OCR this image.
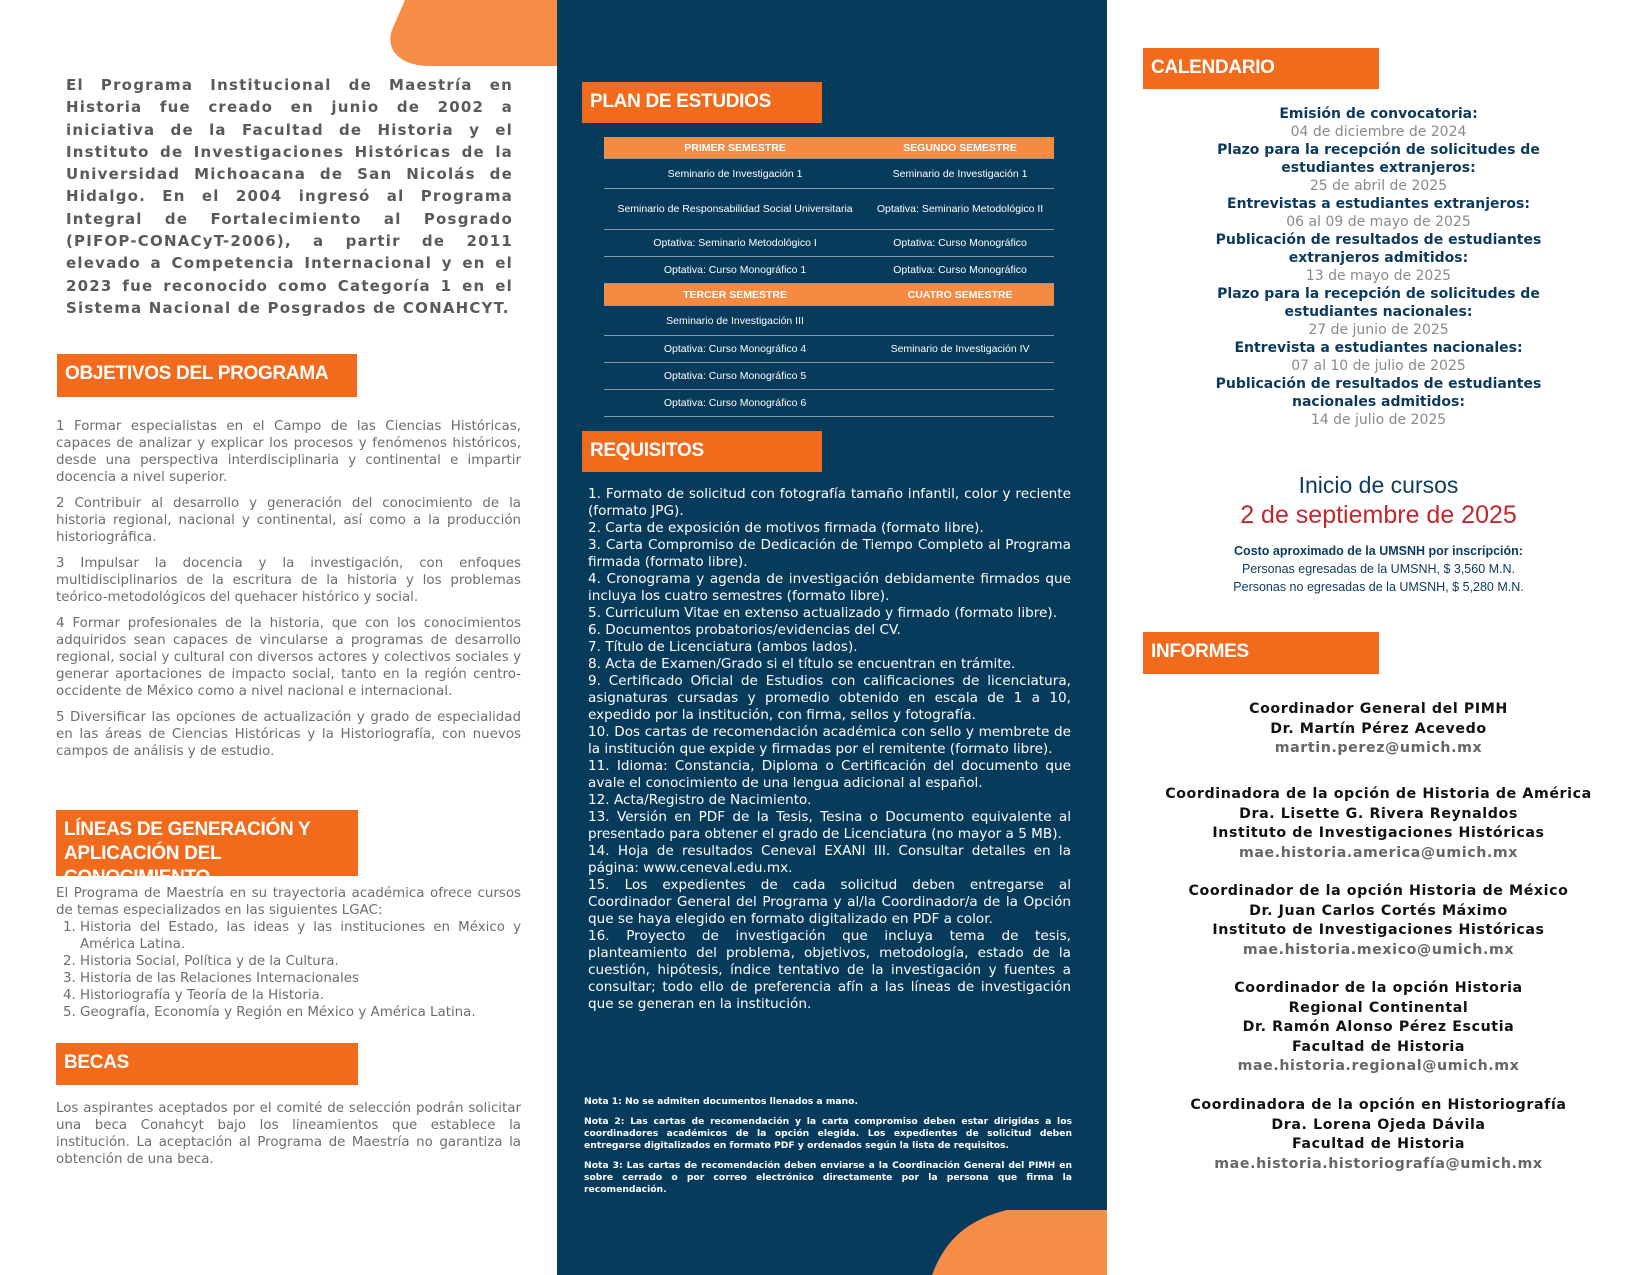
El Programa Institucional de Maestría en Historia fue creado en junio de 2002 a iniciativa de la Facultad de Historia y el Instituto de Investigaciones Históricas de la Universidad Michoacana de San Nicolás de Hidalgo. En el 2004 ingresó al Programa Integral de Fortalecimiento al Posgrado (PIFOP-CONACyT-2006), a partir de 2011 elevado a Competencia Internacional y en el 2023 fue reconocido como Categoría 1 en el Sistema Nacional de Posgrados de CONAHCYT.
OBJETIVOS DEL PROGRAMA

1 Formar especialistas en el Campo de las Ciencias Históricas, capaces de analizar y explicar los procesos y fenómenos históricos, desde una perspectiva interdisciplinaria y continental e impartir docencia a nivel superior.

2 Contribuir al desarrollo y generación del conocimiento de la historia regional, nacional y continental, así como a la producción historiográfica.

3 Impulsar la docencia y la investigación, con enfoques multidisciplinarios de la escritura de la historia y los problemas teórico-metodológicos del quehacer histórico y social.

4 Formar profesionales de la historia, que con los conocimientos adquiridos sean capaces de vincularse a programas de desarrollo regional, social y cultural con diversos actores y colectivos sociales y generar aportaciones de impacto social, tanto en la región centro-occidente de México como a nivel nacional e internacional.

5 Diversificar las opciones de actualización y grado de especialidad en las áreas de Ciencias Históricas y la Historiografía, con nuevos campos de análisis y de estudio.

LÍNEAS DE GENERACIÓN Y
APLICACIÓN DEL CONOCIMIENTO
El Programa de Maestría en su trayectoria académica ofrece cursos de temas especializados en las siguientes LGAC:
1. Historia del Estado, las ideas y las instituciones en México y América Latina.
2. Historia Social, Política y de la Cultura.
3. Historia de las Relaciones Internacionales
4. Historiografía y Teoría de la Historia.
5. Geografía, Economía y Región en México y América Latina.
BECAS
Los aspirantes aceptados por el comité de selección podrán solicitar una beca Conahcyt bajo los lineamientos que establece la institución. La aceptación al Programa de Maestría no garantiza la obtención de una beca.
PLAN DE ESTUDIOS
PRIMER SEMESTRE	SEGUNDO SEMESTRE
Seminario de Investigación 1	Seminario de Investigación 1
Seminario de Responsabilidad Social Universitaria	Optativa: Seminario Metodológico II
Optativa: Seminario Metodológico I	Optativa: Curso Monográfico
Optativa: Curso Monográfico 1	Optativa: Curso Monográfico
TERCER SEMESTRE	CUATRO SEMESTRE
Seminario de Investigación III	
Optativa: Curso Monográfico 4	Seminario de Investigación IV
Optativa: Curso Monográfico 5	
Optativa: Curso Monográfico 6	
REQUISITOS

1. Formato de solicitud con fotografía tamaño infantil, color y reciente (formato JPG).

2. Carta de exposición de motivos firmada (formato libre).

3. Carta Compromiso de Dedicación de Tiempo Completo al Programa firmada (formato libre).

4. Cronograma y agenda de investigación debidamente firmados que incluya los cuatro semestres (formato libre).

5. Curriculum Vitae en extenso actualizado y firmado (formato libre).

6. Documentos probatorios/evidencias del CV.

7. Título de Licenciatura (ambos lados).

8. Acta de Examen/Grado si el título se encuentran en trámite.

9. Certificado Oficial de Estudios con calificaciones de licenciatura, asignaturas cursadas y promedio obtenido en escala de 1 a 10, expedido por la institución, con firma, sellos y fotografía.

10. Dos cartas de recomendación académica con sello y membrete de la institución que expide y firmadas por el remitente (formato libre).

11. Idioma: Constancia, Diploma o Certificación del documento que avale el conocimiento de una lengua adicional al español.

12. Acta/Registro de Nacimiento.

13. Versión en PDF de la Tesis, Tesina o Documento equivalente al presentado para obtener el grado de Licenciatura (no mayor a 5 MB).

14. Hoja de resultados Ceneval EXANI III. Consultar detalles en la página: www.ceneval.edu.mx.

15. Los expedientes de cada solicitud deben entregarse al Coordinador General del Programa y al/la Coordinador/a de la Opción que se haya elegido en formato digitalizado en PDF a color.

16. Proyecto de investigación que incluya tema de tesis, planteamiento del problema, objetivos, metodología, estado de la cuestión, hipótesis, índice tentativo de la investigación y fuentes a consultar; todo ello de preferencia afín a las líneas de investigación que se generan en la institución.

Nota 1: No se admiten documentos llenados a mano.

Nota 2: Las cartas de recomendación y la carta compromiso deben estar dirigidas a los coordinadores académicos de la opción elegida. Los expedientes de solicitud deben entregarse digitalizados en formato PDF y ordenados según la lista de requisitos.

Nota 3: Las cartas de recomendación deben enviarse a la Coordinación General del PIMH en sobre cerrado o por correo electrónico directamente por la persona que firma la recomendación.

CALENDARIO
Emisión de convocatoria:
04 de diciembre de 2024
Plazo para la recepción de solicitudes de estudiantes extranjeros:
25 de abril de 2025
Entrevistas a estudiantes extranjeros:
06 al 09 de mayo de 2025
Publicación de resultados de estudiantes extranjeros admitidos:
13 de mayo de 2025
Plazo para la recepción de solicitudes de estudiantes nacionales:
27 de junio de 2025
Entrevista a estudiantes nacionales:
07 al 10 de julio de 2025
Publicación de resultados de estudiantes nacionales admitidos:
14 de julio de 2025
Inicio de cursos
2 de septiembre de 2025
Costo aproximado de la UMSNH por inscripción:
Personas egresadas de la UMSNH, $ 3,560 M.N.
Personas no egresadas de la UMSNH, $ 5,280 M.N.
INFORMES
Coordinador General del PIMH
Dr. Martín Pérez Acevedo
martin.perez@umich.mx
Coordinadora de la opción de Historia de América
Dra. Lisette G. Rivera Reynaldos
Instituto de Investigaciones Históricas
mae.historia.america@umich.mx
Coordinador de la opción Historia de México
Dr. Juan Carlos Cortés Máximo
Instituto de Investigaciones Históricas
mae.historia.mexico@umich.mx
Coordinador de la opción Historia Regional Continental
Dr. Ramón Alonso Pérez Escutia
Facultad de Historia
mae.historia.regional@umich.mx
Coordinadora de la opción en Historiografía
Dra. Lorena Ojeda Dávila
Facultad de Historia
mae.historia.historiografía@umich.mx
